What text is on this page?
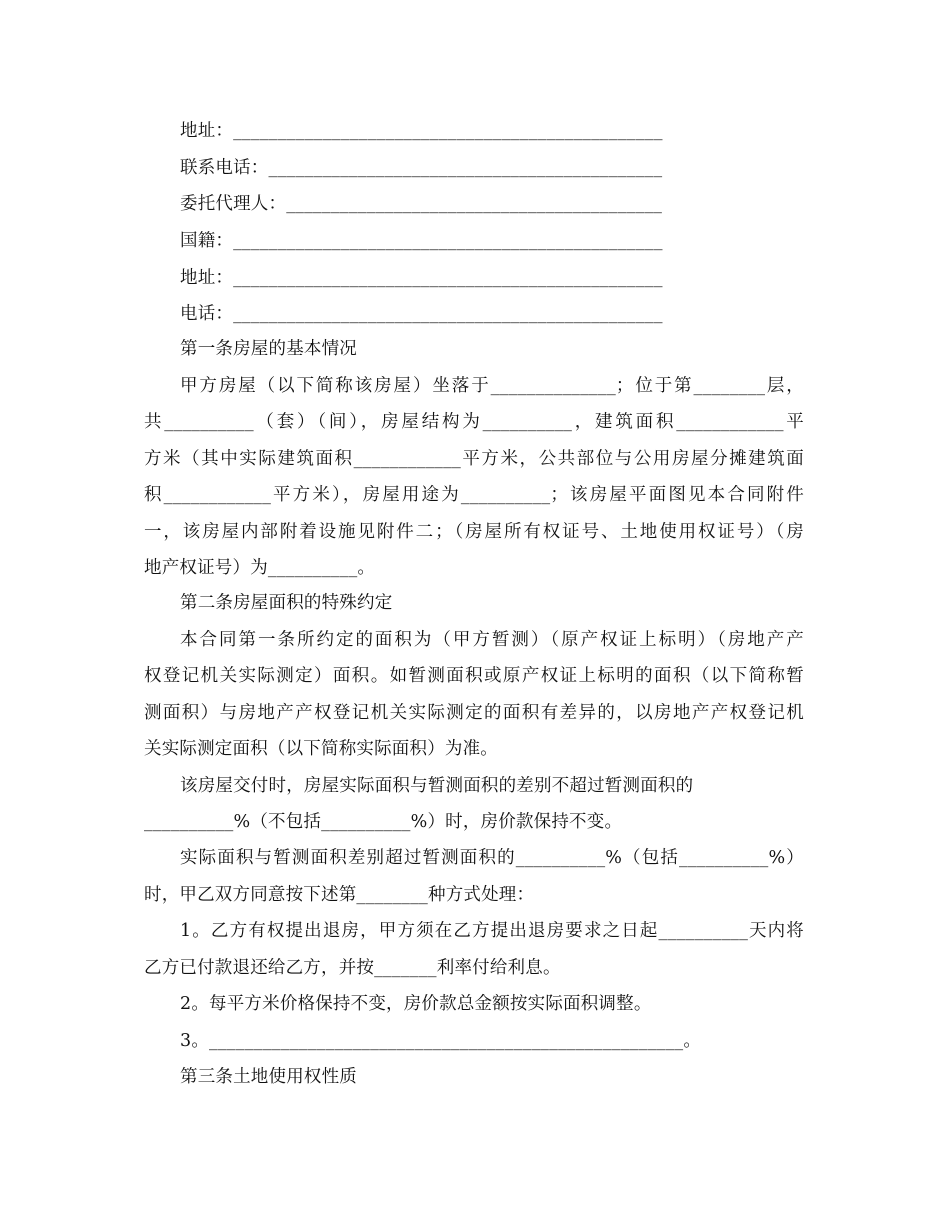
地址：________________________________________________
联系电话：____________________________________________
委托代理人：__________________________________________
国籍：________________________________________________
地址：________________________________________________
电话：________________________________________________
第一条房屋的基本情况
甲方房屋（以下简称该房屋）坐落于______________；位于第________层，
共__________（套）（间），房屋结构为__________，建筑面积____________平
方米（其中实际建筑面积____________平方米，公共部位与公用房屋分摊建筑面
积____________平方米），房屋用途为__________；该房屋平面图见本合同附件
一，该房屋内部附着设施见附件二；（房屋所有权证号、土地使用权证号）（房
地产权证号）为__________。
第二条房屋面积的特殊约定
本合同第一条所约定的面积为（甲方暂测）（原产权证上标明）（房地产产
权登记机关实际测定）面积。如暂测面积或原产权证上标明的面积（以下简称暂
测面积）与房地产产权登记机关实际测定的面积有差异的，以房地产产权登记机
关实际测定面积（以下简称实际面积）为准。
该房屋交付时，房屋实际面积与暂测面积的差别不超过暂测面积的
__________%（不包括__________%）时，房价款保持不变。
实际面积与暂测面积差别超过暂测面积的__________%（包括__________%）
时，甲乙双方同意按下述第________种方式处理：
1。乙方有权提出退房，甲方须在乙方提出退房要求之日起__________天内将
乙方已付款退还给乙方，并按_______利率付给利息。
2。每平方米价格保持不变，房价款总金额按实际面积调整。
3。_____________________________________________________。
第三条土地使用权性质
